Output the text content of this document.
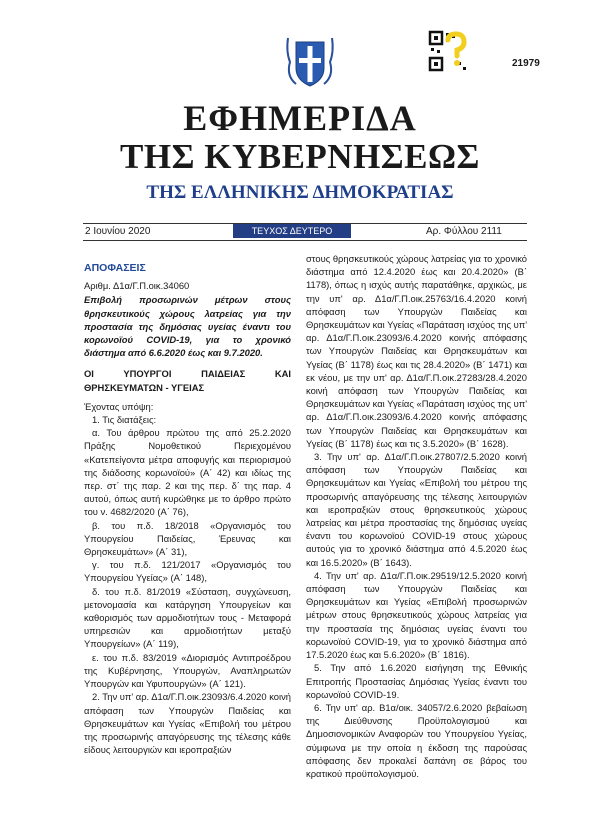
21979
ΕΦΗΜΕΡΙΔΑ
ΤΗΣ ΚΥΒΕΡΝΗΣΕΩΣ
ΤΗΣ ΕΛΛΗΝΙΚΗΣ ΔΗΜΟΚΡΑΤΙΑΣ
2 Ιουνίου 2020	ΤΕΥΧΟΣ ΔΕΥΤΕΡΟ	Αρ. Φύλλου 2111

ΑΠΟΦΑΣΕΙΣ

Αριθμ. Δ1α/Γ.Π.οικ.34060

Επιβολή προσωρινών μέτρων στους θρησκευτικούς χώρους λατρείας για την προστασία της δημόσιας υγείας έναντι του κορωνοϊού COVID-19, για το χρονικό διάστημα από 6.6.2020 έως και 9.7.2020.

ΟΙ ΥΠΟΥΡΓΟΙ ΠΑΙΔΕΙΑΣ ΚΑΙ ΘΡΗΣΚΕΥΜΑΤΩΝ - ΥΓΕΙΑΣ

Έχοντας υπόψη:

1. Τις διατάξεις:

α. Του άρθρου πρώτου της από 25.2.2020 Πράξης Νομοθετικού Περιεχομένου «Κατεπείγοντα μέτρα αποφυγής και περιορισμού της διάδοσης κορωνοϊού» (Α΄ 42) και ιδίως της περ. στ΄ της παρ. 2 και της περ. δ΄ της παρ. 4 αυτού, όπως αυτή κυρώθηκε με το άρθρο πρώτο του ν. 4682/2020 (Α΄ 76),

β. του π.δ. 18/2018 «Οργανισμός του Υπουργείου Παιδείας, Έρευνας και Θρησκευμάτων» (Α΄ 31),

γ. του π.δ. 121/2017 «Οργανισμός του Υπουργείου Υγείας» (Α΄ 148),

δ. του π.δ. 81/2019 «Σύσταση, συγχώνευση, μετονομασία και κατάργηση Υπουργείων και καθορισμός των αρμοδιοτήτων τους - Μεταφορά υπηρεσιών και αρμοδιοτήτων μεταξύ Υπουργείων» (Α΄ 119),

ε. του π.δ. 83/2019 «Διορισμός Αντιπροέδρου της Κυβέρνησης, Υπουργών, Αναπληρωτών Υπουργών και Υφυπουργών» (Α΄ 121).

2. Την υπ' αρ. Δ1α/Γ.Π.οικ.23093/6.4.2020 κοινή απόφαση των Υπουργών Παιδείας και Θρησκευμάτων και Υγείας «Επιβολή του μέτρου της προσωρινής απαγόρευσης της τέλεσης κάθε είδους λειτουργιών και ιεροπραξιών

στους θρησκευτικούς χώρους λατρείας για το χρονικό διάστημα από 12.4.2020 έως και 20.4.2020» (Β΄ 1178), όπως η ισχύς αυτής παρατάθηκε, αρχικώς, με την υπ' αρ. Δ1α/Γ.Π.οικ.25763/16.4.2020 κοινή απόφαση των Υπουργών Παιδείας και Θρησκευμάτων και Υγείας «Παράταση ισχύος της υπ' αρ. Δ1α/Γ.Π.οικ.23093/6.4.2020 κοινής απόφασης των Υπουργών Παιδείας και Θρησκευμάτων και Υγείας (Β΄ 1178) έως και τις 28.4.2020» (Β΄ 1471) και εκ νέου, με την υπ' αρ. Δ1α/Γ.Π.οικ.27283/28.4.2020 κοινή απόφαση των Υπουργών Παιδείας και Θρησκευμάτων και Υγείας «Παράταση ισχύος της υπ' αρ. Δ1α/Γ.Π.οικ.23093/6.4.2020 κοινής απόφασης των Υπουργών Παιδείας και Θρησκευμάτων και Υγείας (Β΄ 1178) έως και τις 3.5.2020» (Β΄ 1628).

3. Την υπ' αρ. Δ1α/Γ.Π.οικ.27807/2.5.2020 κοινή απόφαση των Υπουργών Παιδείας και Θρησκευμάτων και Υγείας «Επιβολή του μέτρου της προσωρινής απαγόρευσης της τέλεσης λειτουργιών και ιεροπραξιών στους θρησκευτικούς χώρους λατρείας και μέτρα προστασίας της δημόσιας υγείας έναντι του κορωνοϊού COVID-19 στους χώρους αυτούς για το χρονικό διάστημα από 4.5.2020 έως και 16.5.2020» (Β΄ 1643).

4. Την υπ' αρ. Δ1α/Γ.Π.οικ.29519/12.5.2020 κοινή απόφαση των Υπουργών Παιδείας και Θρησκευμάτων και Υγείας «Επιβολή προσωρινών μέτρων στους θρησκευτικούς χώρους λατρείας για την προστασία της δημόσιας υγείας έναντι του κορωνοϊού COVID-19, για το χρονικό διάστημα από 17.5.2020 έως και 5.6.2020» (Β΄ 1816).

5. Την από 1.6.2020 εισήγηση της Εθνικής Επιτροπής Προστασίας Δημόσιας Υγείας έναντι του κορωνοϊού COVID-19.

6. Την υπ' αρ. Β1α/οικ. 34057/2.6.2020 βεβαίωση της Διεύθυνσης Προϋπολογισμού και Δημοσιονομικών Αναφορών του Υπουργείου Υγείας, σύμφωνα με την οποία η έκδοση της παρούσας απόφασης δεν προκαλεί δαπάνη σε βάρος του κρατικού προϋπολογισμού.
